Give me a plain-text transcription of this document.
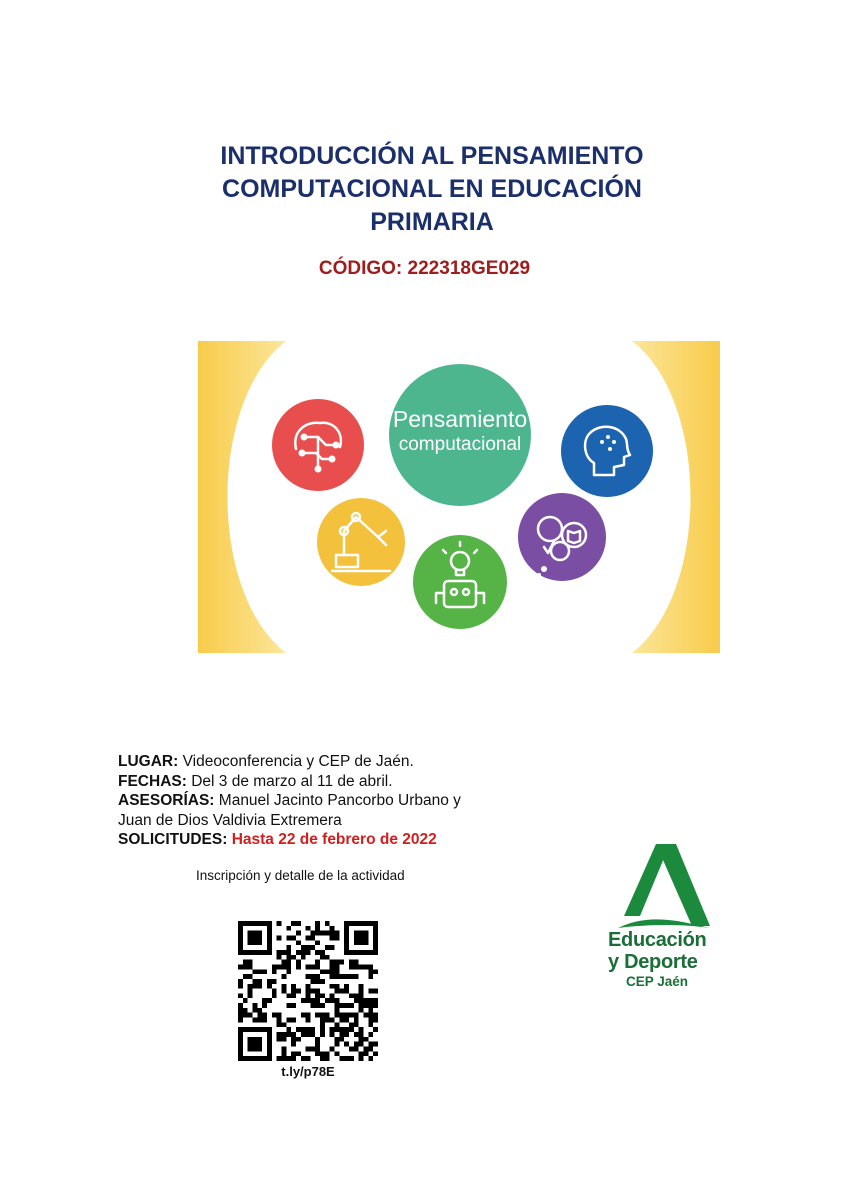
INTRODUCCIÓN AL PENSAMIENTO
COMPUTACIONAL EN EDUCACIÓN
PRIMARIA
CÓDIGO: 222318GE029
Pensamiento
computacional
LUGAR: Videoconferencia y CEP de Jaén.
FECHAS: Del 3 de marzo al 11 de abril.
ASESORÍAS: Manuel Jacinto Pancorbo Urbano y
Juan de Dios Valdivia Extremera
SOLICITUDES: Hasta 22 de febrero de 2022
Inscripción y detalle de la actividad
t.ly/p78E
Educación
y Deporte
CEP Jaén
